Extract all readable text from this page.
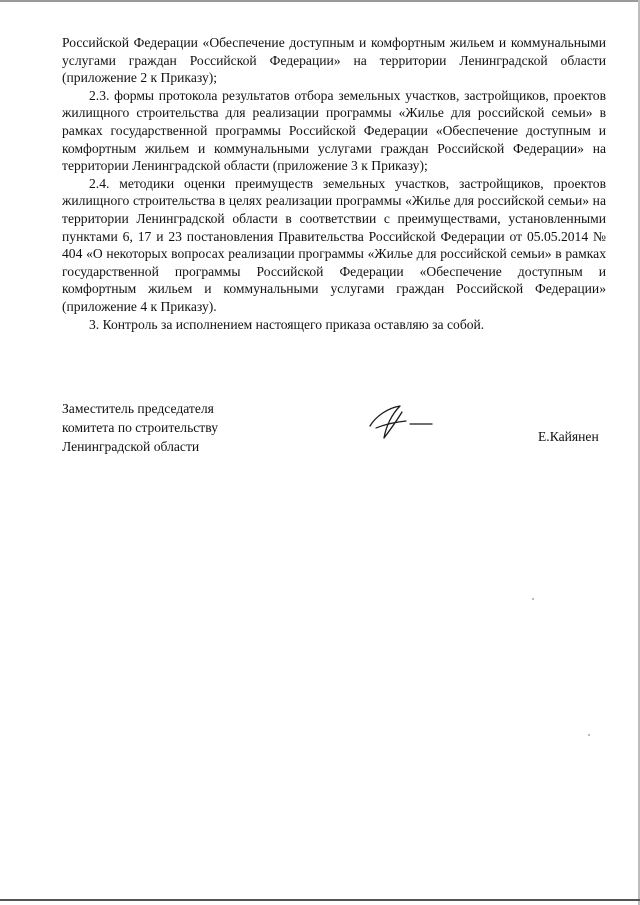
Российской Федерации «Обеспечение доступным и комфортным жильем и коммунальными услугами граждан Российской Федерации» на территории Ленинградской области (приложение 2 к Приказу);

2.3. формы протокола результатов отбора земельных участков, застройщиков, проектов жилищного строительства для реализации программы «Жилье для российской семьи» в рамках государственной программы Российской Федерации «Обеспечение доступным и комфортным жильем и коммунальными услугами граждан Российской Федерации» на территории Ленинградской области (приложение 3 к Приказу);

2.4. методики оценки преимуществ земельных участков, застройщиков, проектов жилищного строительства в целях реализации программы «Жилье для российской семьи» на территории Ленинградской области в соответствии с преимуществами, установленными пунктами 6, 17 и 23 постановления Правительства Российской Федерации от 05.05.2014 № 404 «О некоторых вопросах реализации программы «Жилье для российской семьи» в рамках государственной программы Российской Федерации «Обеспечение доступным и комфортным жильем и коммунальными услугами граждан Российской Федерации» (приложение 4 к Приказу).

3. Контроль за исполнением настоящего приказа оставляю за собой.

Заместитель председателя
комитета по строительству
Ленинградской области
Е.Кайянен
